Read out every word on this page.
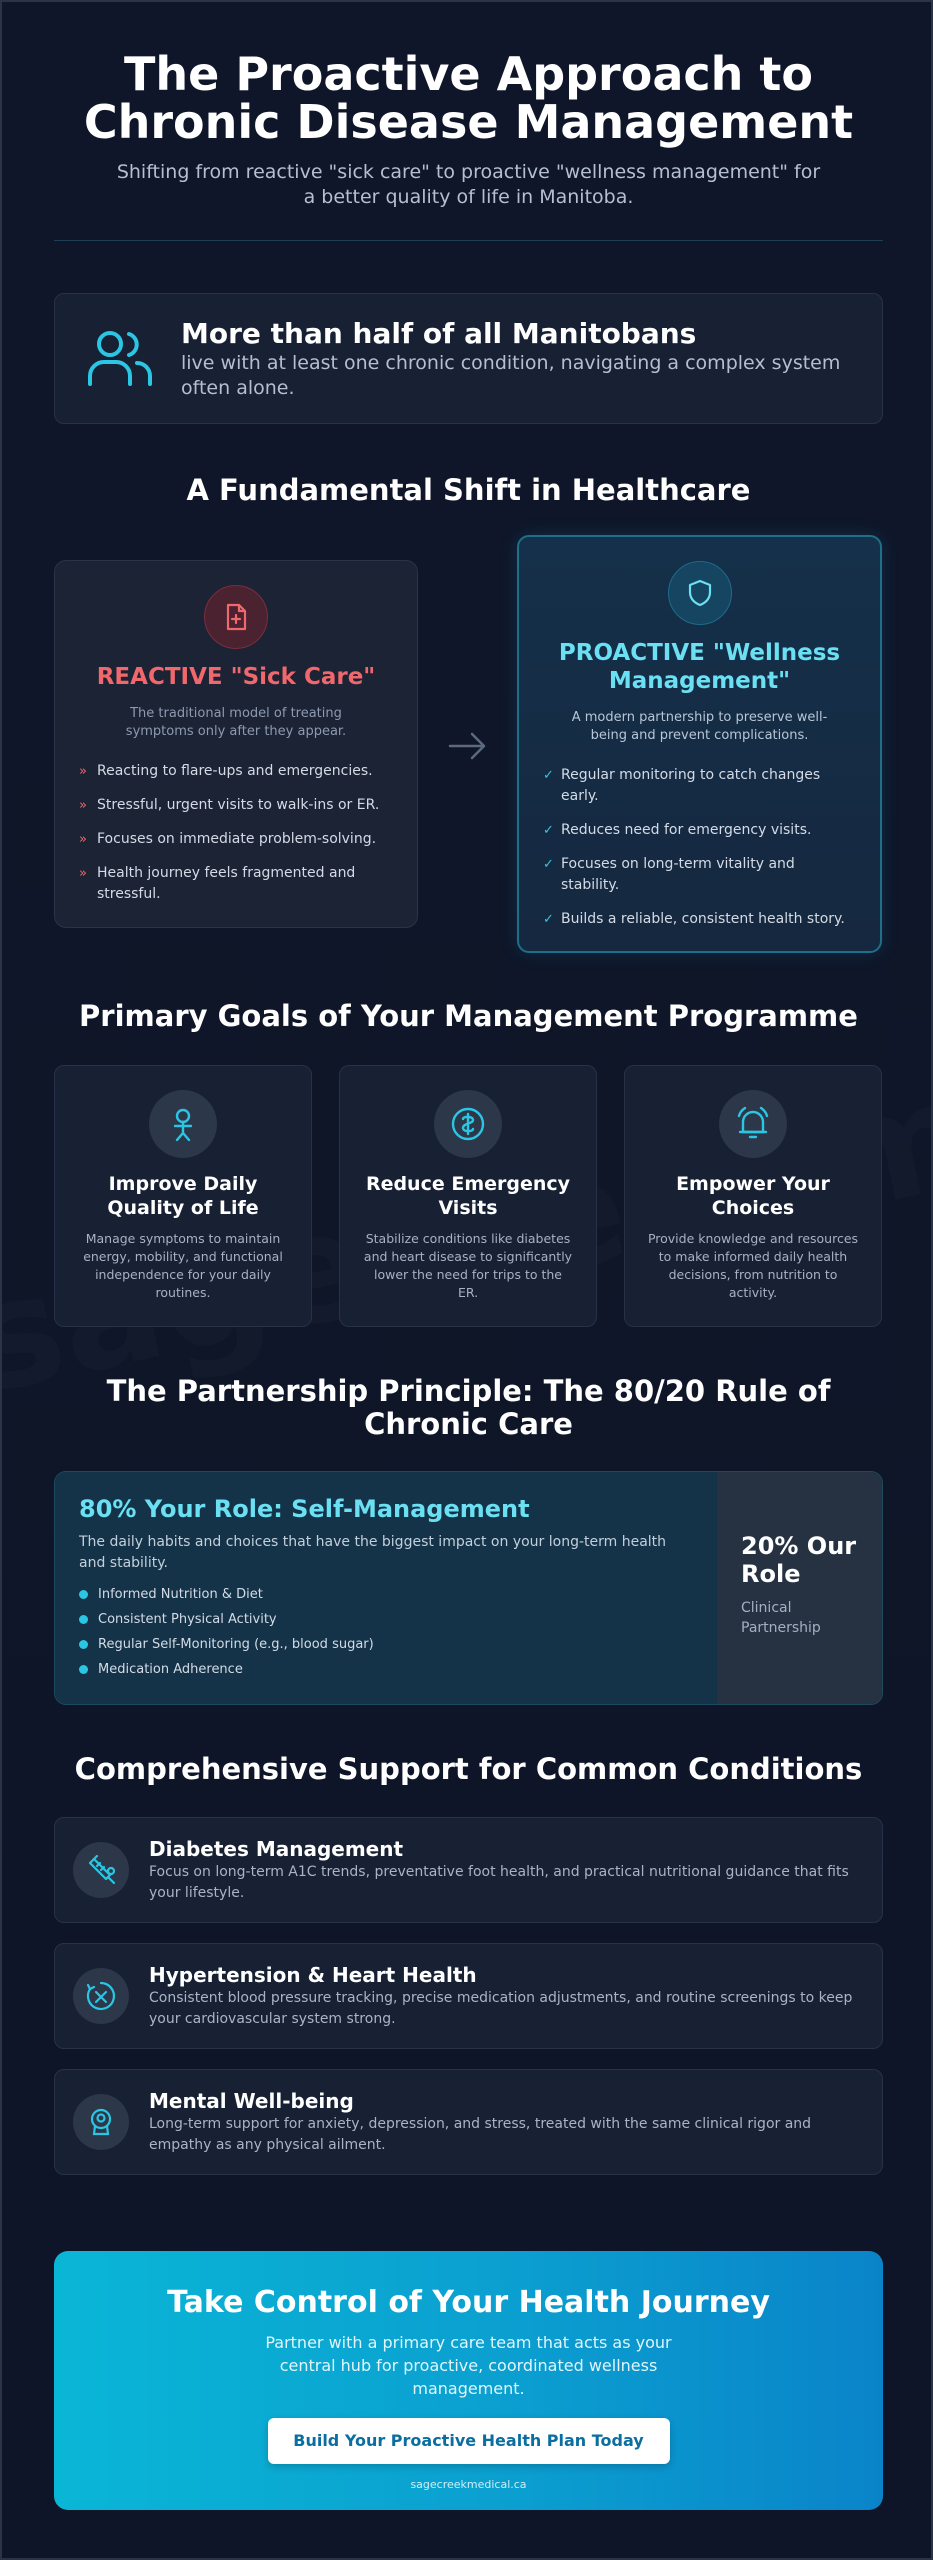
The Proactive Approach to
Chronic Disease Management

Shifting from reactive "sick care" to proactive "wellness management" for a better quality of life in Manitoba.

More than half of all Manitobans

live with at least one chronic condition, navigating a complex system often alone.

A Fundamental Shift in Healthcare
REACTIVE "Sick Care"

The traditional model of treating symptoms only after they appear.

» Reacting to flare-ups and emergencies.
» Stressful, urgent visits to walk-ins or ER.
» Focuses on immediate problem-solving.
» Health journey feels fragmented and stressful.
PROACTIVE "Wellness Management"

A modern partnership to preserve well-being and prevent complications.

✓ Regular monitoring to catch changes early.
✓ Reduces need for emergency visits.
✓ Focuses on long-term vitality and stability.
✓ Builds a reliable, consistent health story.
Primary Goals of Your Management Programme
Improve Daily Quality of Life

Manage symptoms to maintain energy, mobility, and functional independence for your daily routines.

Reduce Emergency Visits

Stabilize conditions like diabetes and heart disease to significantly lower the need for trips to the ER.

Empower Your Choices

Provide knowledge and resources to make informed daily health decisions, from nutrition to activity.

The Partnership Principle: The 80/20 Rule of Chronic Care
80% Your Role: Self-Management

The daily habits and choices that have the biggest impact on your long-term health and stability.

Informed Nutrition & Diet
Consistent Physical Activity
Regular Self-Monitoring (e.g., blood sugar)
Medication Adherence
20% Our Role

Clinical Partnership

Comprehensive Support for Common Conditions
Diabetes Management

Focus on long-term A1C trends, preventative foot health, and practical nutritional guidance that fits your lifestyle.

Hypertension & Heart Health

Consistent blood pressure tracking, precise medication adjustments, and routine screenings to keep your cardiovascular system strong.

Mental Well-being

Long-term support for anxiety, depression, and stress, treated with the same clinical rigor and empathy as any physical ailment.

Take Control of Your Health Journey

Partner with a primary care team that acts as your central hub for proactive, coordinated wellness management.

Build Your Proactive Health Plan Today
sagecreekmedical.ca
